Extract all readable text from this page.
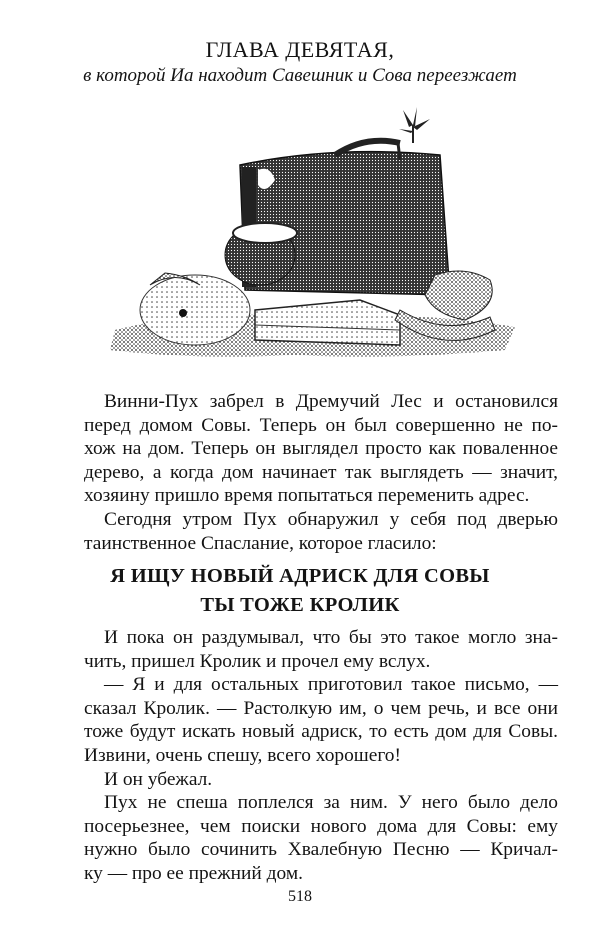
ГЛАВА ДЕВЯТАЯ,
в которой Иа находит Савешник и Сова переезжает
Винни-Пух забрел в Дремучий Лес и остановился
перед домом Совы. Теперь он был совершенно не по-
хож на дом. Теперь он выглядел просто как поваленное
дерево, а когда дом начинает так выглядеть — значит,
хозяину пришло время попытаться переменить адрес.
Сегодня утром Пух обнаружил у себя под дверью
таинственное Спаслание, которое гласило:
Я ИЩУ НОВЫЙ АДРИСК ДЛЯ СОВЫ
ТЫ ТОЖЕ КРОЛИК
И пока он раздумывал, что бы это такое могло зна-
чить, пришел Кролик и прочел ему вслух.
— Я и для остальных приготовил такое письмо, —
сказал Кролик. — Растолкую им, о чем речь, и все они
тоже будут искать новый адриск, то есть дом для Совы.
Извини, очень спешу, всего хорошего!
И он убежал.
Пух не спеша поплелся за ним. У него было дело
посерьезнее, чем поиски нового дома для Совы: ему
нужно было сочинить Хвалебную Песню — Кричал-
ку — про ее прежний дом.
518
